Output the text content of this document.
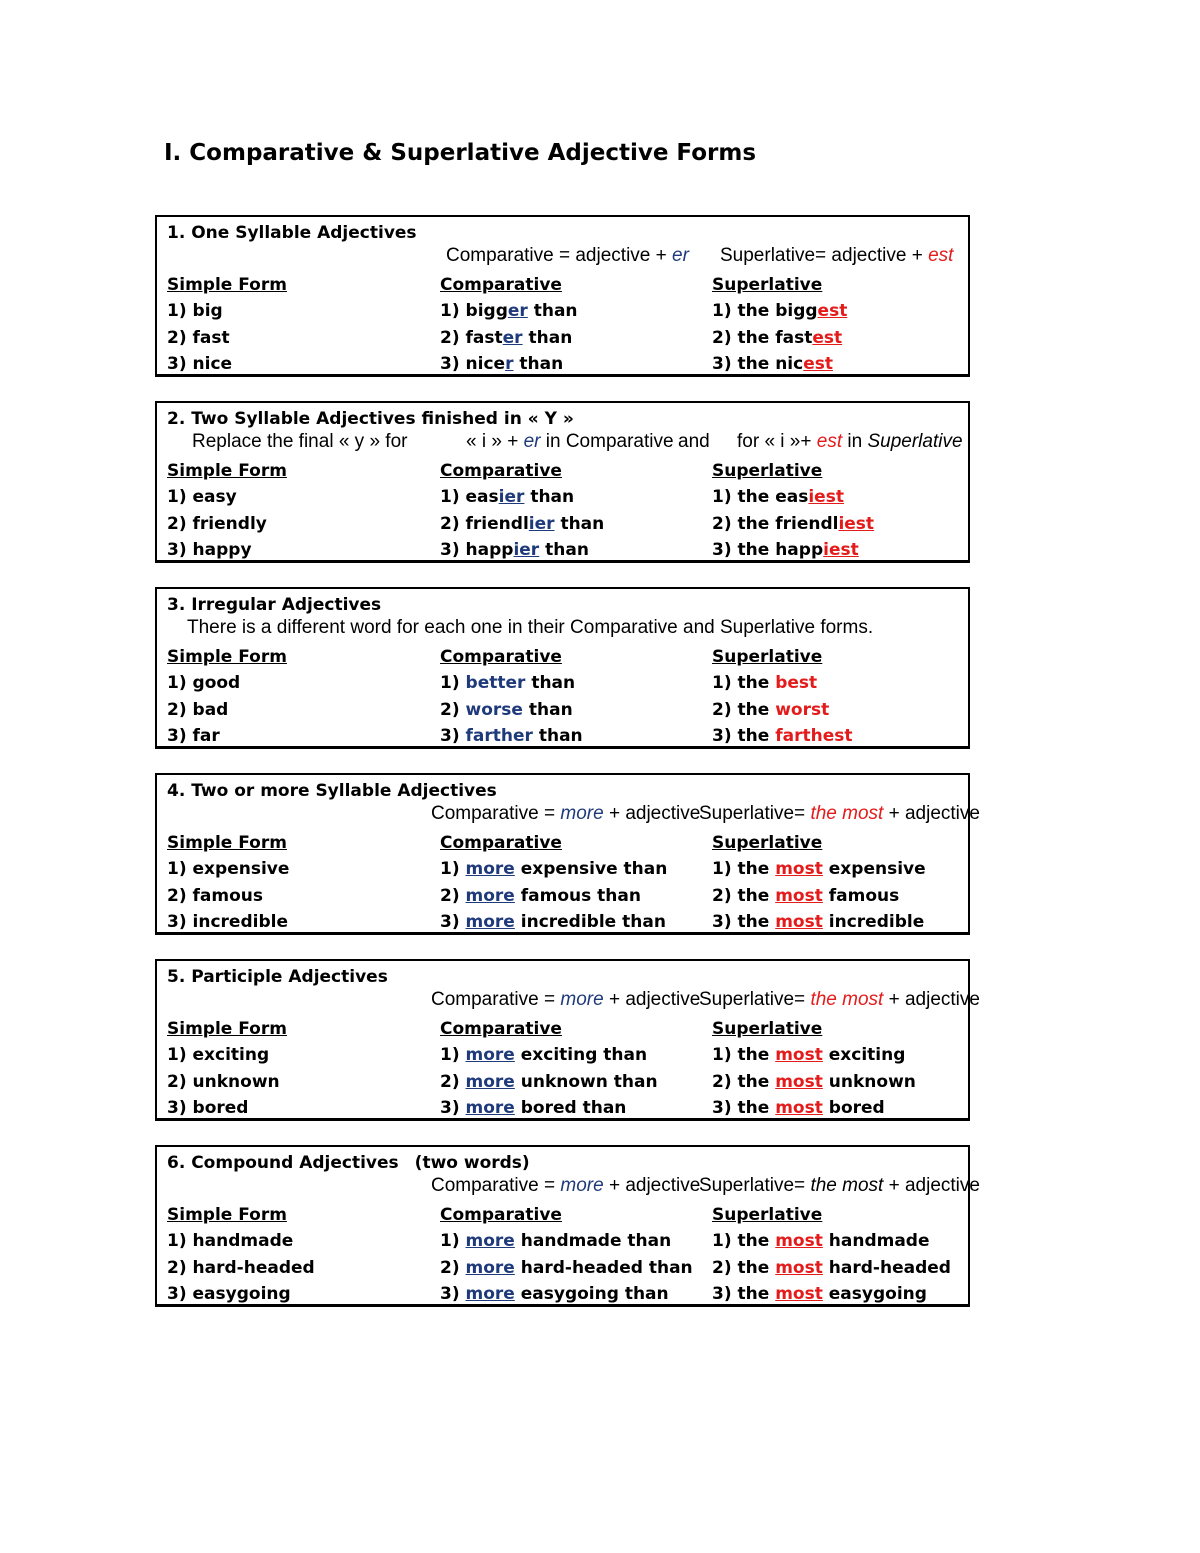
I. Comparative & Superlative Adjective Forms
1. One Syllable Adjectives
Comparative = adjective + er Superlative= adjective + est
Simple Form	Comparative	Superlative
1) big	1) bigger than	1) the biggest
2) fast	2) faster than	2) the fastest
3) nice	3) nicer than	3) the nicest
2. Two Syllable Adjectives finished in « Y »
Replace the final « y » for	« i » + er in Comparative and for « i »+ est in Superlative
Simple Form	Comparative	Superlative
1) easy	1) easier than	1) the easiest
2) friendly	2) friendlier than	2) the friendliest
3) happy	3) happier than	3) the happiest
3. Irregular Adjectives
There is a different word for each one in their Comparative and Superlative forms.
Simple Form	Comparative	Superlative
1) good	1) better than	1) the best
2) bad	2) worse than	2) the worst
3) far	3) farther than	3) the farthest
4. Two or more Syllable Adjectives
Comparative = more + adjective
Superlative= the most + adjective
Simple Form	Comparative	Superlative
1) expensive	1) more expensive than	1) the most expensive
2) famous	2) more famous than	2) the most famous
3) incredible	3) more incredible than	3) the most incredible
5. Participle Adjectives
Comparative = more + adjective
Superlative= the most + adjective
Simple Form	Comparative	Superlative
1) exciting	1) more exciting than	1) the most exciting
2) unknown	2) more unknown than	2) the most unknown
3) bored	3) more bored than	3) the most bored
6. Compound Adjectives (two words)
Comparative = more + adjective
Superlative= the most + adjective
Simple Form	Comparative	Superlative
1) handmade	1) more handmade than 1) the most handmade
2) hard-headed	2) more hard-headed than 2) the most hard-headed
3) easygoing	3) more easygoing than	3) the most easygoing
